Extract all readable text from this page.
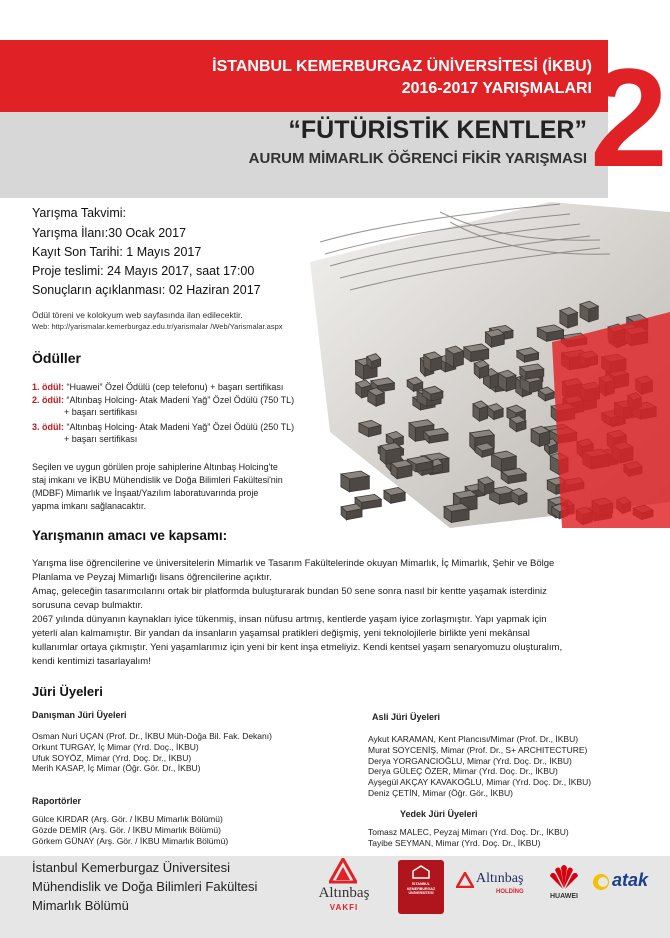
İSTANBUL KEMERBURGAZ ÜNİVERSİTESİ (İKBU)
2016-2017 YARIŞMALARI
2
“FÜTÜRİSTİK KENTLER”
AURUM MİMARLIK ÖĞRENCİ FİKİR YARIŞMASI
Yarışma Takvimi:
Yarışma İlanı:30 Ocak 2017
Kayıt Son Tarihi: 1 Mayıs 2017
Proje teslimi: 24 Mayıs 2017, saat 17:00
Sonuçların açıklanması: 02 Haziran 2017
Ödül töreni ve kolokyum web sayfasında ilan edilecektir.
Web: http://yarismalar.kemerburgaz.edu.tr/yarismalar /Web/Yarismalar.aspx
Ödüller
1. ödül: “Huawei” Özel Ödülü (cep telefonu) + başarı sertifikası
2. ödül: “Altınbaş Holcing- Atak Madeni Yağ” Özel Ödülü (750 TL)
+ başarı sertifikası
3. ödül: “Altınbaş Holcing- Atak Madeni Yağ” Özel Ödülü (250 TL)
+ başarı sertifikası
Seçilen ve uygun görülen proje sahiplerine Altınbaş Holcing'te
staj imkanı ve İKBU Mühendislik ve Doğa Bilimleri Fakültesi'nin
(MDBF) Mimarlık ve İnşaat/Yazılım laboratuvarında proje
yapma imkanı sağlanacaktır.
Yarışmanın amacı ve kapsamı:
Yarışma lise öğrencilerine ve üniversitelerin Mimarlık ve Tasarım Fakültelerinde okuyan Mimarlık, İç Mimarlık, Şehir ve Bölge
Planlama ve Peyzaj Mimarlığı lisans öğrencilerine açıktır.
Amaç, geleceğin tasarımcılarını ortak bir platformda buluşturarak bundan 50 sene sonra nasıl bir kentte yaşamak isterdiniz
sorusuna cevap bulmaktır.
2067 yılında dünyanın kaynakları iyice tükenmiş, insan nüfusu artmış, kentlerde yaşam iyice zorlaşmıştır. Yapı yapmak için
yeterli alan kalmamıştır. Bir yandan da insanların yaşamsal pratikleri değişmiş, yeni teknolojilerle birlikte yeni mekânsal
kullanımlar ortaya çıkmıştır. Yeni yaşamlarımız için yeni bir kent inşa etmeliyiz. Kendi kentsel yaşam senaryomuzu oluşturalım,
kendi kentimizi tasarlayalım!
Jüri Üyeleri
Danışman Jüri Üyeleri
Osman Nuri UÇAN (Prof. Dr., İKBU Müh-Doğa Bil. Fak. Dekanı)
Orkunt TURGAY, İç Mimar (Yrd. Doç., İKBU)
Ufuk SOYÖZ, Mimar (Yrd. Doç. Dr., İKBU)
Merih KASAP, İç Mimar (Öğr. Gör. Dr., İKBU)
Raportörler
Gülce KIRDAR (Arş. Gör. / İKBU Mimarlık Bölümü)
Gözde DEMİR (Arş. Gör. / İKBU Mimarlık Bölümü)
Görkem GÜNAY (Arş. Gör. / İKBU Mimarlık Bölümü)
Asli Jüri Üyeleri
Aykut KARAMAN, Kent Plancısı/Mimar (Prof. Dr., İKBU)
Murat SOYCENİŞ, Mimar (Prof. Dr., S+ ARCHITECTURE)
Derya YORGANCIOĞLU, Mimar (Yrd. Doç. Dr., İKBU)
Derya GÜLEÇ ÖZER, Mimar (Yrd. Doç. Dr., İKBU)
Ayşegül AKÇAY KAVAKOĞLU, Mimar (Yrd. Doç. Dr., İKBU)
Deniz ÇETİN, Mimar (Öğr. Gör., İKBU)
Yedek Jüri Üyeleri
Tomasz MALEC, Peyzaj Mimarı (Yrd. Doç. Dr., İKBU)
Tayibe SEYMAN, Mimar (Yrd. Doç. Dr., İKBU)
İstanbul Kemerburgaz Üniversitesi
Mühendislik ve Doğa Bilimleri Fakültesi
Mimarlık Bölümü
Altınbaş
VAKFI
İSTANBUL KEMERBURGAZ ÜNİVERSİTESİ
Altınbaş
HOLDİNG
HUAWEI
atak
